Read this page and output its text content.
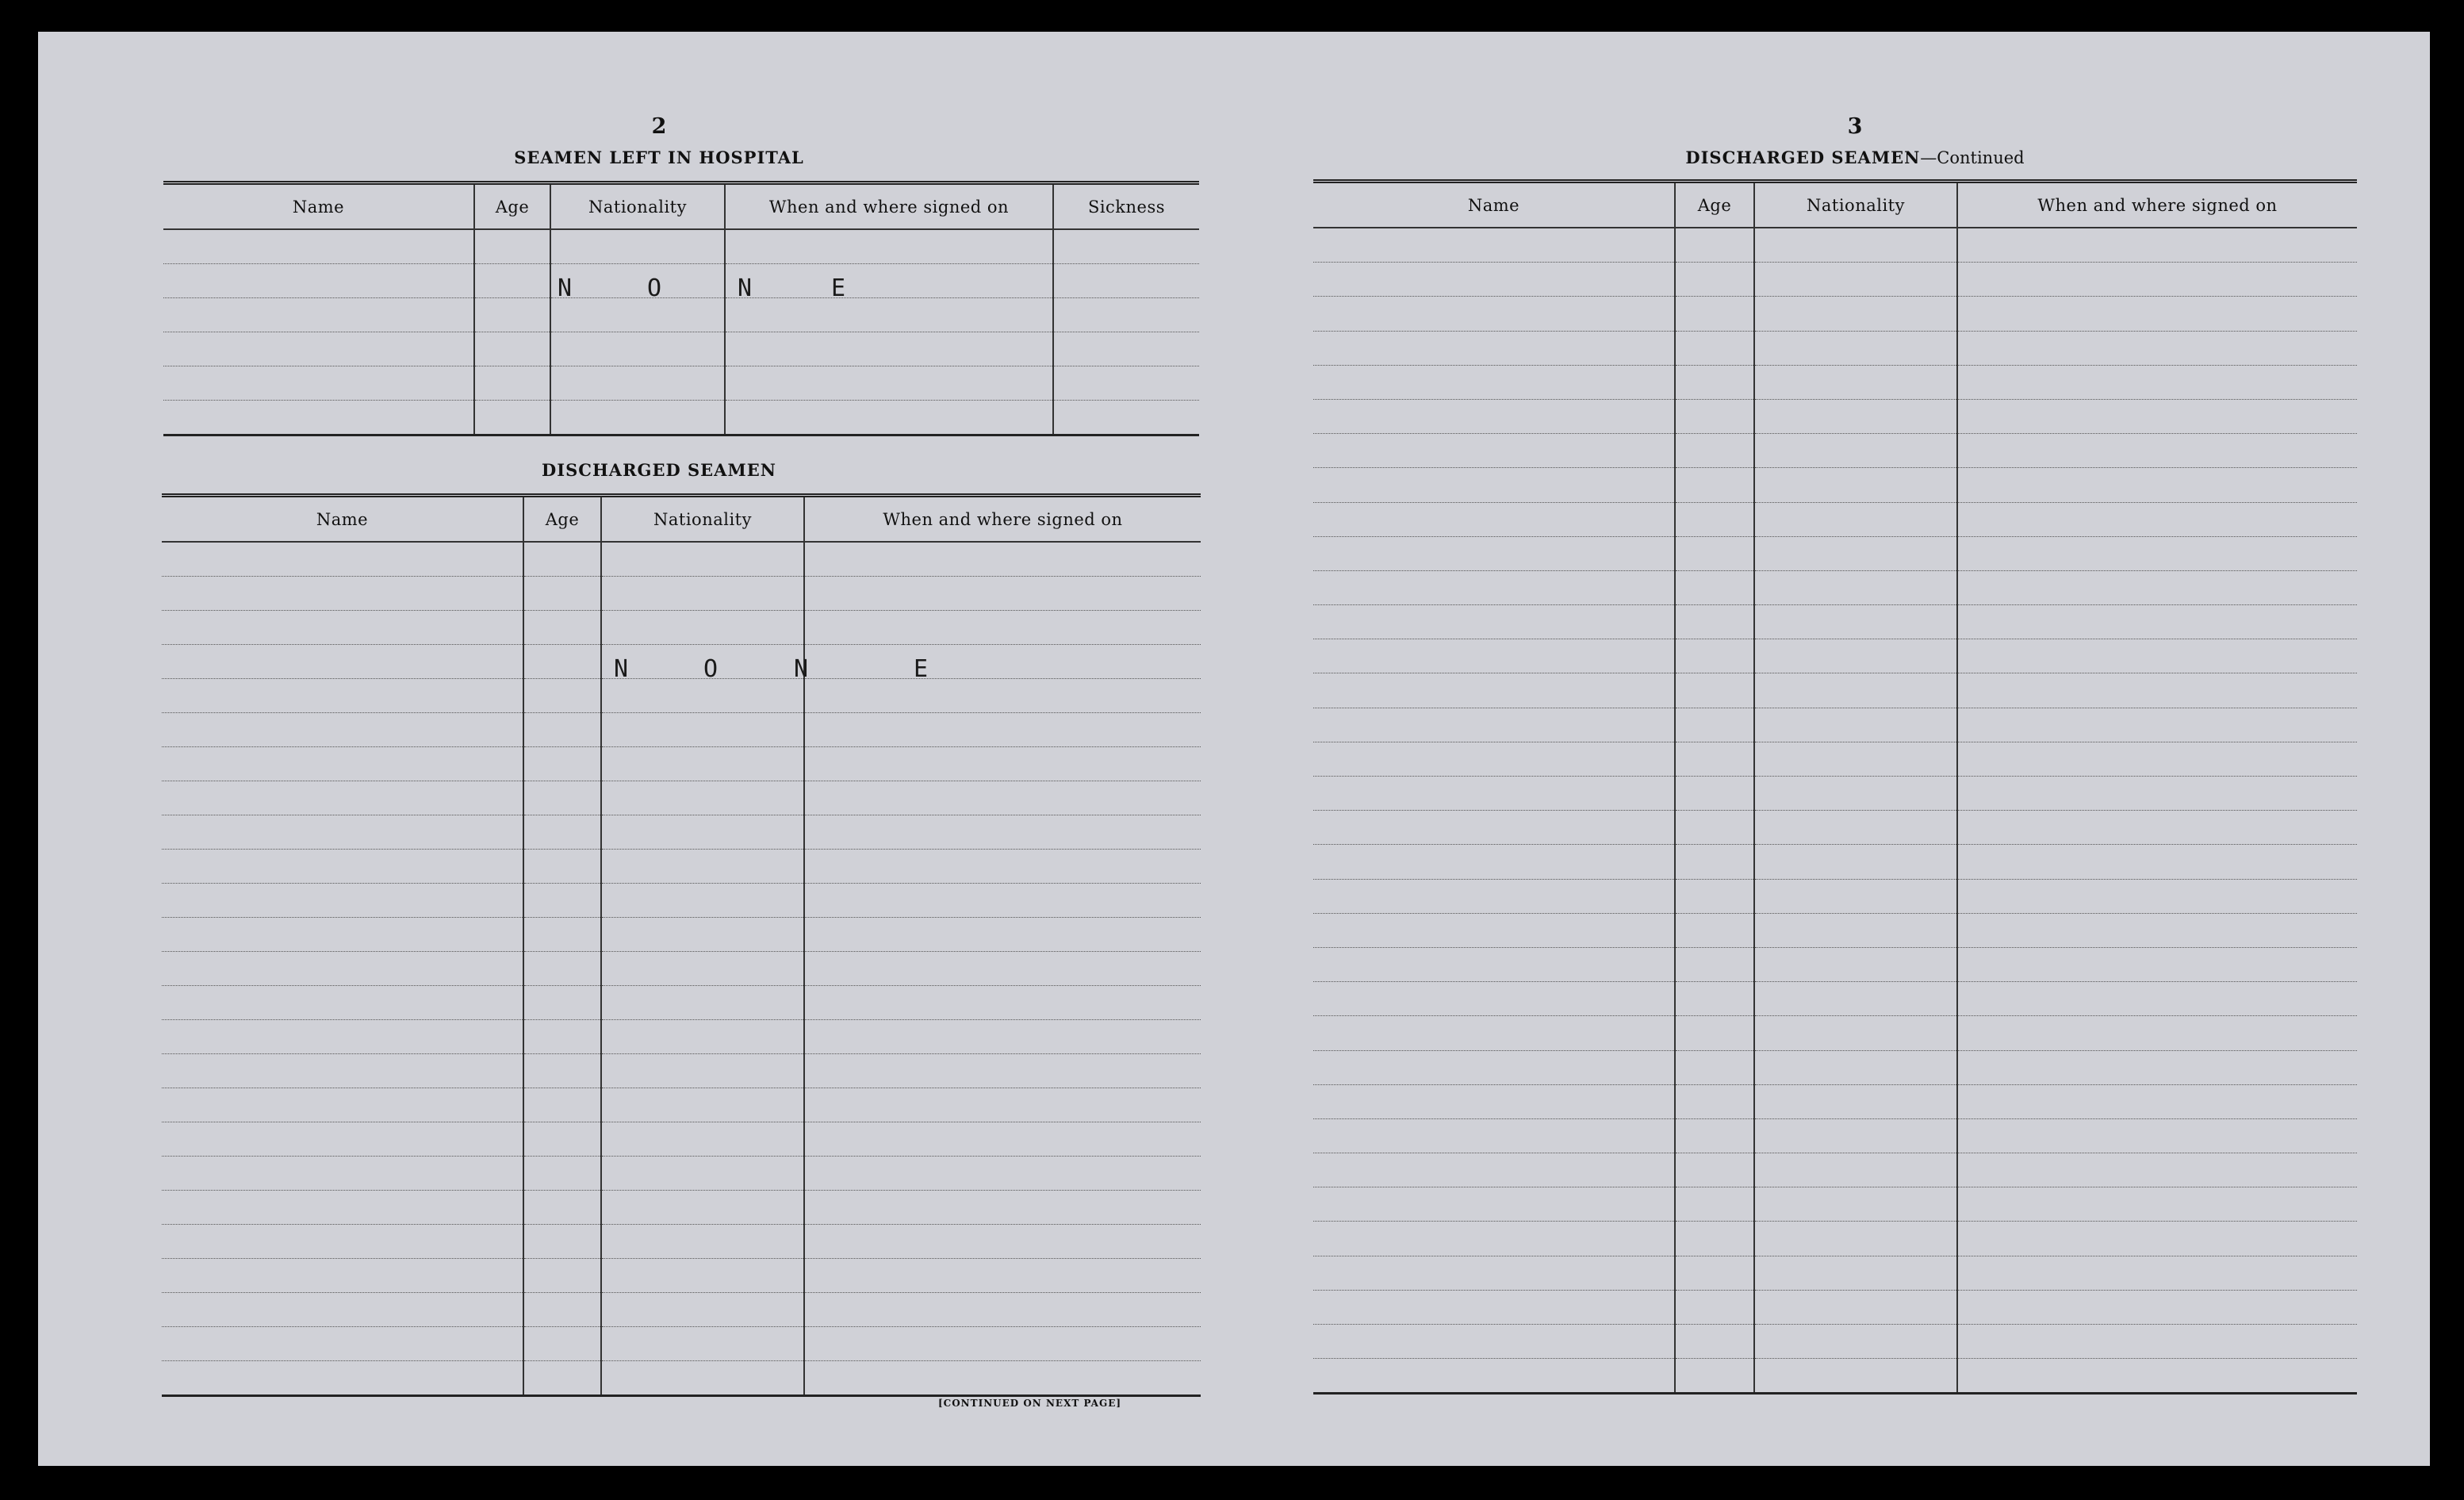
2
SEAMEN LEFT IN HOSPITAL
Name	Age	Nationality	When and where signed on	Sickness

N	O	N	E
DISCHARGED SEAMEN
Name	Age	Nationality	When and where signed on

N	O	N	E
[CONTINUED ON NEXT PAGE]
3
DISCHARGED SEAMEN—Continued
Name	Age	Nationality	When and where signed on
